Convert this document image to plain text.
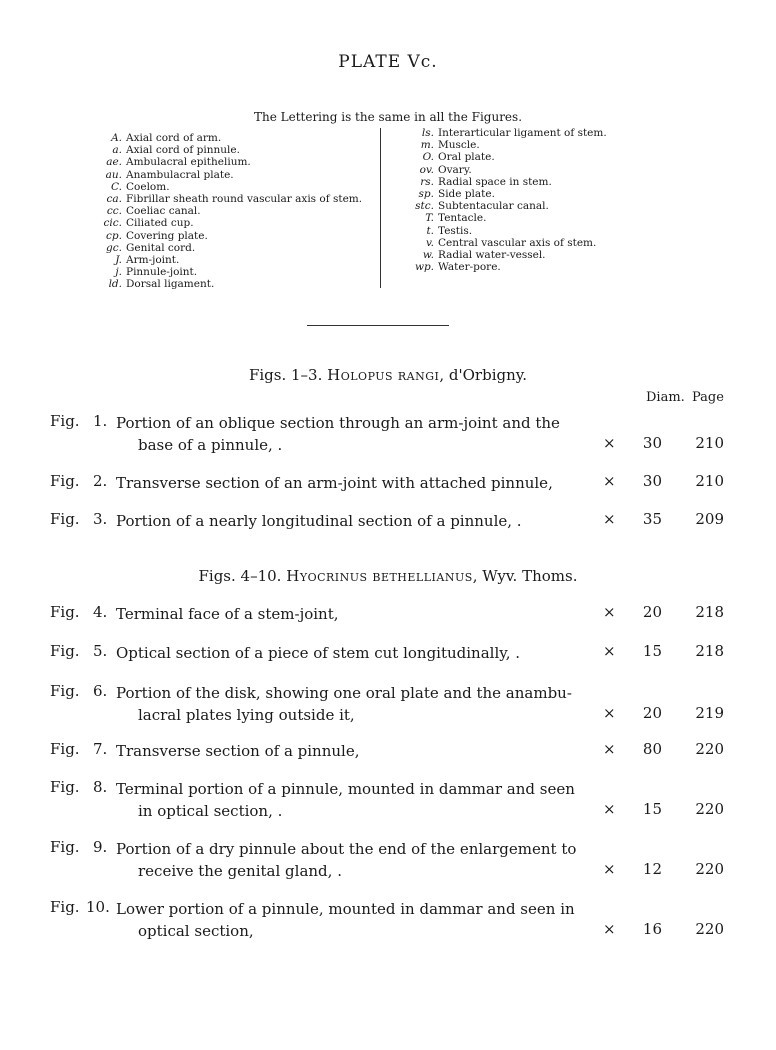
PLATE Vc.
The Lettering is the same in all the Figures.
A. Axial cord of arm.
a. Axial cord of pinnule.
ae. Ambulacral epithelium.
au. Anambulacral plate.
C. Coelom.
ca. Fibrillar sheath round vascular axis of stem.
cc. Coeliac canal.
cic. Ciliated cup.
cp. Covering plate.
gc. Genital cord.
J. Arm-joint.
j. Pinnule-joint.
ld. Dorsal ligament.
ls. Interarticular ligament of stem.
m. Muscle.
O. Oral plate.
ov. Ovary.
rs. Radial space in stem.
sp. Side plate.
stc. Subtentacular canal.
T. Tentacle.
t. Testis.
v. Central vascular axis of stem.
w. Radial water-vessel.
wp. Water-pore.
Figs. 1–3. Holopus rangi, d'Orbigny.
Diam. Page
Figs. 4–10. Hyocrinus bethellianus, Wyv. Thoms.
Fig. 1. Portion of an oblique section through an arm-joint and the
base of a pinnule, .	×	30	210
Fig. 2. Transverse section of an arm-joint with attached pinnule,	×	30	210
Fig. 3. Portion of a nearly longitudinal section of a pinnule, .	×	35	209
Fig. 4. Terminal face of a stem-joint,	×	20	218
Fig. 5. Optical section of a piece of stem cut longitudinally, .	×	15	218
Fig. 6. Portion of the disk, showing one oral plate and the anambu-
lacral plates lying outside it,	×	20	219
Fig. 7. Transverse section of a pinnule,	×	80	220
Fig. 8. Terminal portion of a pinnule, mounted in dammar and seen
in optical section, .	×	15	220
Fig. 9. Portion of a dry pinnule about the end of the enlargement to
receive the genital gland, .	×	12	220
Fig. 10. Lower portion of a pinnule, mounted in dammar and seen in
optical section,	×	16	220
